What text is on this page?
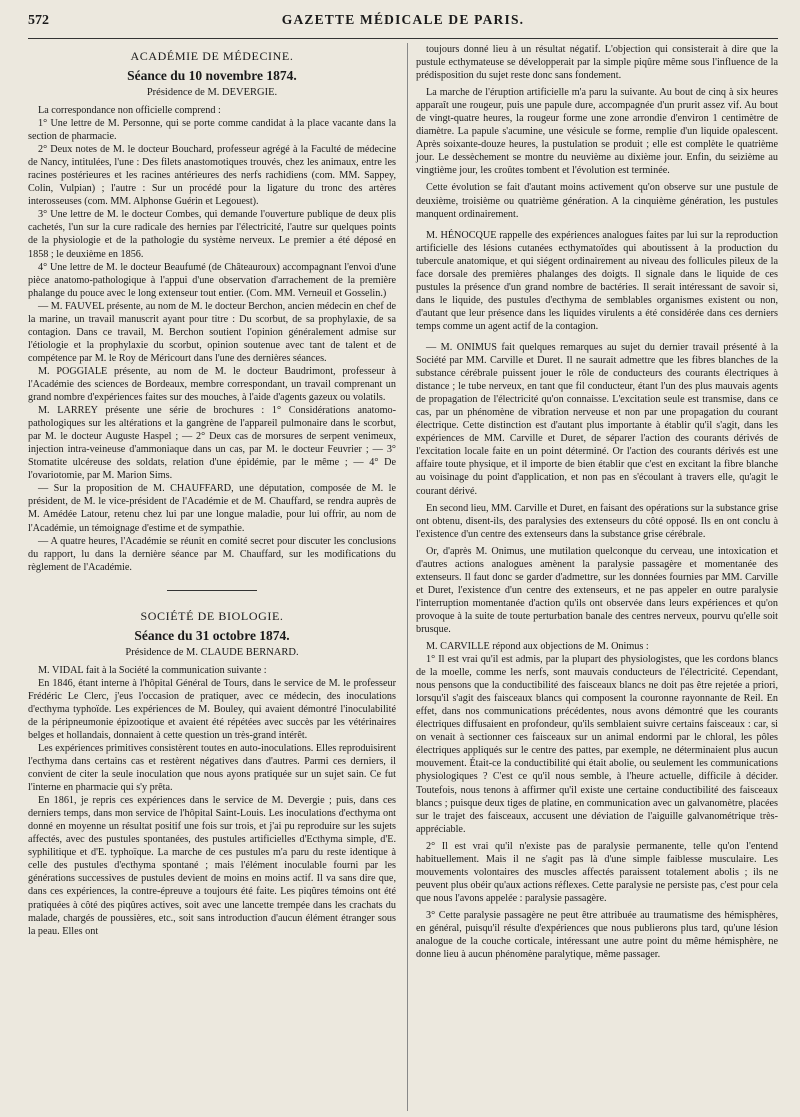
572	GAZETTE MÉDICALE DE PARIS.
ACADÉMIE DE MÉDECINE.
Séance du 10 novembre 1874.
Présidence de M. DEVERGIE.

La correspondance non officielle comprend :

1° Une lettre de M. Personne, qui se porte comme candidat à la place vacante dans la section de pharmacie.

2° Deux notes de M. le docteur Bouchard, professeur agrégé à la Faculté de médecine de Nancy, intitulées, l'une : Des filets anastomotiques trouvés, chez les animaux, entre les racines postérieures et les racines antérieures des nerfs rachidiens (com. MM. Sappey, Colin, Vulpian) ; l'autre : Sur un procédé pour la ligature du tronc des artères interosseuses (com. MM. Alphonse Guérin et Legouest).

3° Une lettre de M. le docteur Combes, qui demande l'ouverture publique de deux plis cachetés, l'un sur la cure radicale des hernies par l'électricité, l'autre sur quelques points de la physiologie et de la pathologie du système nerveux. Le premier a été déposé en 1858 ; le deuxième en 1856.

4° Une lettre de M. le docteur Beaufumé (de Châteauroux) accompagnant l'envoi d'une pièce anatomo-pathologique à l'appui d'une observation d'arrachement de la première phalange du pouce avec le long extenseur tout entier. (Com. MM. Verneuil et Gosselin.)

— M. FAUVEL présente, au nom de M. le docteur Berchon, ancien médecin en chef de la marine, un travail manuscrit ayant pour titre : Du scorbut, de sa prophylaxie, de sa contagion. Dans ce travail, M. Berchon soutient l'opinion généralement admise sur l'étiologie et la prophylaxie du scorbut, opinion soutenue avec tant de talent et de compétence par M. le Roy de Méricourt dans l'une des dernières séances.

M. POGGIALE présente, au nom de M. le docteur Baudrimont, professeur à l'Académie des sciences de Bordeaux, membre correspondant, un travail comprenant un grand nombre d'expériences faites sur des mouches, à l'aide d'agents gazeux ou volatils.

M. LARREY présente une série de brochures : 1° Considérations anatomo-pathologiques sur les altérations et la gangrène de l'appareil pulmonaire dans le scorbut, par M. le docteur Auguste Haspel ; — 2° Deux cas de morsures de serpent venimeux, injection intra-veineuse d'ammoniaque dans un cas, par M. le docteur Feuvrier ; — 3° Stomatite ulcéreuse des soldats, relation d'une épidémie, par le même ; — 4° De l'ovariotomie, par M. Marion Sims.

— Sur la proposition de M. CHAUFFARD, une députation, composée de M. le président, de M. le vice-président de l'Académie et de M. Chauffard, se rendra auprès de M. Amédée Latour, retenu chez lui par une longue maladie, pour lui offrir, au nom de l'Académie, un témoignage d'estime et de sympathie.

— A quatre heures, l'Académie se réunit en comité secret pour discuter les conclusions du rapport, lu dans la dernière séance par M. Chauffard, sur les modifications du règlement de l'Académie.

SOCIÉTÉ DE BIOLOGIE.
Séance du 31 octobre 1874.
Présidence de M. CLAUDE BERNARD.

M. VIDAL fait à la Société la communication suivante :

En 1846, étant interne à l'hôpital Général de Tours, dans le service de M. le professeur Frédéric Le Clerc, j'eus l'occasion de pratiquer, avec ce médecin, des inoculations d'ecthyma typhoïde. Les expériences de M. Bouley, qui avaient démontré l'inoculabilité de la péripneumonie épizootique et avaient été répétées avec succès par les vétérinaires belges et hollandais, donnaient à cette question un très-grand intérêt.

Les expériences primitives consistèrent toutes en auto-inoculations. Elles reproduisirent l'ecthyma dans certains cas et restèrent négatives dans d'autres. Parmi ces derniers, il convient de citer la seule inoculation que nous ayons pratiquée sur un sujet sain. Ce fut l'interne en pharmacie qui s'y prêta.

En 1861, je repris ces expériences dans le service de M. Devergie ; puis, dans ces derniers temps, dans mon service de l'hôpital Saint-Louis. Les inoculations d'ecthyma ont donné en moyenne un résultat positif une fois sur trois, et j'ai pu reproduire sur les sujets affectés, avec des pustules spontanées, des pustules artificielles d'Ecthyma simple, d'E. syphilitique et d'E. typhoïque. La marche de ces pustules m'a paru du reste identique à celle des pustules d'ecthyma spontané ; mais l'élément inoculable fourni par les générations successives de pustules devient de moins en moins actif. Il va sans dire que, dans ces expériences, la contre-épreuve a toujours été faite. Les piqûres témoins ont été pratiquées à côté des piqûres actives, soit avec une lancette trempée dans les crachats du malade, chargés de poussières, etc., soit sans introduction d'aucun élément étranger sous la peau. Elles ont

toujours donné lieu à un résultat négatif. L'objection qui consisterait à dire que la pustule ecthymateuse se développerait par la simple piqûre même sous l'influence de la prédisposition du sujet reste donc sans fondement.

La marche de l'éruption artificielle m'a paru la suivante. Au bout de cinq à six heures apparaît une rougeur, puis une papule dure, accompagnée d'un prurit assez vif. Au bout de vingt-quatre heures, la rougeur forme une zone arrondie d'environ 1 centimètre de diamètre. La papule s'acumine, une vésicule se forme, remplie d'un liquide opalescent. Après soixante-douze heures, la pustulation se produit ; elle est complète le quatrième jour. Le dessèchement se montre du neuvième au dixième jour. Enfin, du seizième au vingtième jour, les croûtes tombent et l'évolution est terminée.

Cette évolution se fait d'autant moins activement qu'on observe sur une pustule de deuxième, troisième ou quatrième génération. A la cinquième génération, les pustules manquent ordinairement.

M. HÉNOCQUE rappelle des expériences analogues faites par lui sur la reproduction artificielle des lésions cutanées ecthymatoïdes qui aboutissent à la production du tubercule anatomique, et qui siégent ordinairement au niveau des follicules pileux de la face dorsale des premières phalanges des doigts. Il signale dans le liquide de ces pustules la présence d'un grand nombre de bactéries. Il serait intéressant de savoir si, dans le liquide, des pustules d'ecthyma de semblables organismes existent ou non, d'autant que leur présence dans les liquides virulents a été considérée dans ces derniers temps comme un agent actif de la contagion.

— M. ONIMUS fait quelques remarques au sujet du dernier travail présenté à la Société par MM. Carville et Duret. Il ne saurait admettre que les fibres blanches de la substance cérébrale puissent jouer le rôle de conducteurs des courants électriques à distance ; le tube nerveux, en tant que fil conducteur, étant l'un des plus mauvais agents de propagation de l'électricité qu'on connaisse. L'excitation seule est transmise, dans ce cas, par un phénomène de vibration nerveuse et non par une propagation du courant électrique. Cette distinction est d'autant plus importante à établir qu'il s'agit, dans les expériences de MM. Carville et Duret, de séparer l'action des courants dérivés de l'excitation locale faite en un point déterminé. Or l'action des courants dérivés est une affaire toute physique, et il importe de bien établir que c'est en excitant la fibre blanche au voisinage du point d'application, et non pas en s'écoulant à travers elle, qu'agit le courant dérivé.

En second lieu, MM. Carville et Duret, en faisant des opérations sur la substance grise ont obtenu, disent-ils, des paralysies des extenseurs du côté opposé. Ils en ont conclu à l'existence d'un centre des extenseurs dans la substance grise cérébrale.

Or, d'après M. Onimus, une mutilation quelconque du cerveau, une intoxication et d'autres actions analogues amènent la paralysie passagère et momentanée des extenseurs. Il faut donc se garder d'admettre, sur les données fournies par MM. Carville et Duret, l'existence d'un centre des extenseurs, et ne pas appeler en outre paralysie l'interruption momentanée d'action qu'ils ont observée dans leurs expériences et qu'on provoque à la suite de toute perturbation banale des centres nerveux, pourvu qu'elle soit brusque.

M. CARVILLE répond aux objections de M. Onimus :

1° Il est vrai qu'il est admis, par la plupart des physiologistes, que les cordons blancs de la moelle, comme les nerfs, sont mauvais conducteurs de l'électricité. Cependant, nous pensons que la conductibilité des faisceaux blancs ne doit pas être rejetée a priori, lorsqu'il s'agit des faisceaux blancs qui composent la couronne rayonnante de Reil. En effet, dans nos communications précédentes, nous avons démontré que les courants électriques diffusaient en profondeur, qu'ils semblaient suivre certains faisceaux : car, si on venait à sectionner ces faisceaux sur un animal endormi par le chloral, les pôles électriques appliqués sur le centre des pattes, par exemple, ne déterminaient plus aucun mouvement. Était-ce la conductibilité qui était abolie, ou seulement les communications physiologiques ? C'est ce qu'il nous semble, à l'heure actuelle, difficile à décider. Toutefois, nous tenons à affirmer qu'il existe une certaine conductibilité des faisceaux blancs ; puisque deux tiges de platine, en communication avec un galvanomètre, placées sur le trajet des faisceaux, accusent une déviation de l'aiguille galvanométrique très-appréciable.

2° Il est vrai qu'il n'existe pas de paralysie permanente, telle qu'on l'entend habituellement. Mais il ne s'agit pas là d'une simple faiblesse musculaire. Les mouvements volontaires des muscles affectés paraissent totalement abolis ; ils ne peuvent plus obéir qu'aux actions réflexes. Cette paralysie ne persiste pas, c'est pour cela que nous l'avons appelée : paralysie passagère.

3° Cette paralysie passagère ne peut être attribuée au traumatisme des hémisphères, en général, puisqu'il résulte d'expériences que nous publierons plus tard, qu'une lésion analogue de la couche corticale, intéressant une autre point du même hémisphère, ne donne lieu à aucun phénomène paralytique, même passager.
